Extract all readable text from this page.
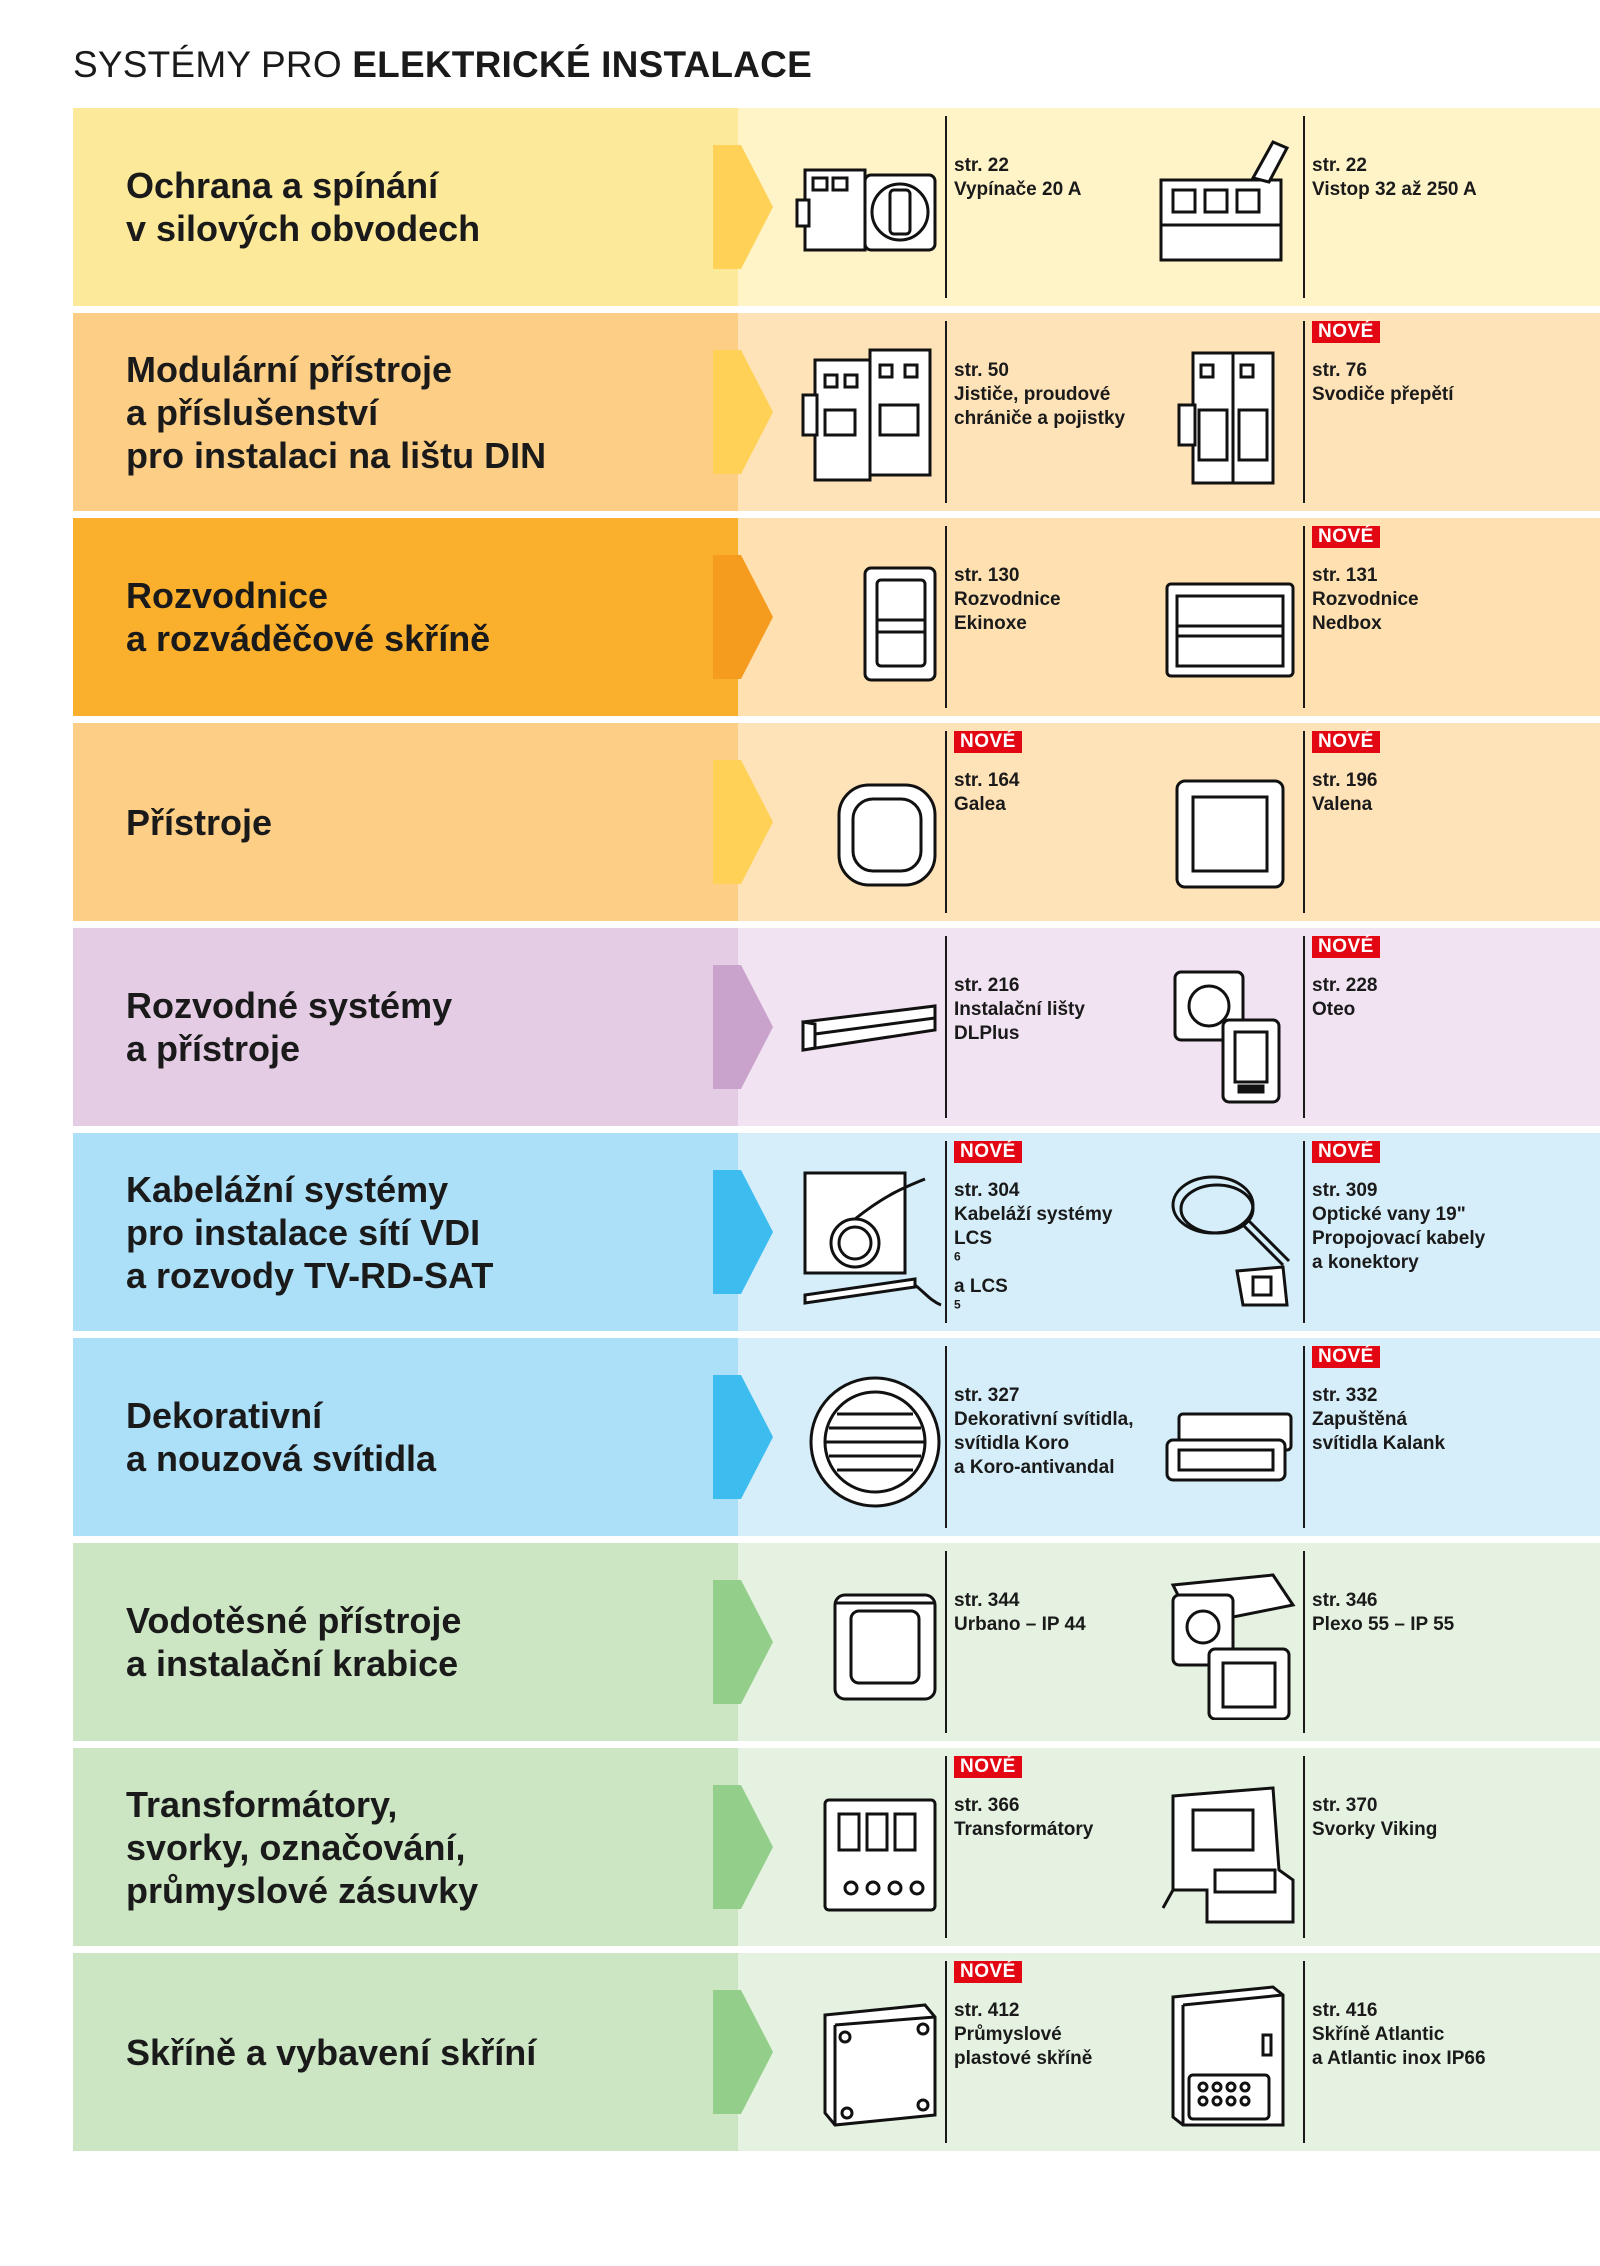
SYSTÉMY PRO ELEKTRICKÉ INSTALACE
Ochrana a spínání
v silových obvodech
str. 22
Vypínače 20 A
str. 22
Vistop 32 až 250 A
Modulární přístroje
a příslušenství
pro instalaci na lištu DIN
str. 50
Jističe, proudové
chrániče a pojistky
NOVÉ
str. 76
Svodiče přepětí
Rozvodnice
a rozváděčové skříně
str. 130
Rozvodnice
Ekinoxe
NOVÉ
str. 131
Rozvodnice
Nedbox
Přístroje
NOVÉ
str. 164
Galea
NOVÉ
str. 196
Valena
Rozvodné systémy
a přístroje
str. 216
Instalační lišty
DLPlus
NOVÉ
str. 228
Oteo
Kabelážní systémy
pro instalace sítí VDI
a rozvody TV-RD-SAT
NOVÉ
str. 304
Kabeláží systémy
LCS
$^6$
a LCS
$^5$
NOVÉ
str. 309
Optické vany 19"
Propojovací kabely
a konektory
Dekorativní
a nouzová svítidla
str. 327
Dekorativní svítidla,
svítidla Koro
a Koro-antivandal
NOVÉ
str. 332
Zapuštěná
svítidla Kalank
Vodotěsné přístroje
a instalační krabice
str. 344
Urbano – IP 44
str. 346
Plexo 55 – IP 55
Transformátory,
svorky, označování,
průmyslové zásuvky
NOVÉ
str. 366
Transformátory
str. 370
Svorky Viking
Skříně a vybavení skříní
NOVÉ
str. 412
Průmyslové
plastové skříně
str. 416
Skříně Atlantic
a Atlantic inox IP66
